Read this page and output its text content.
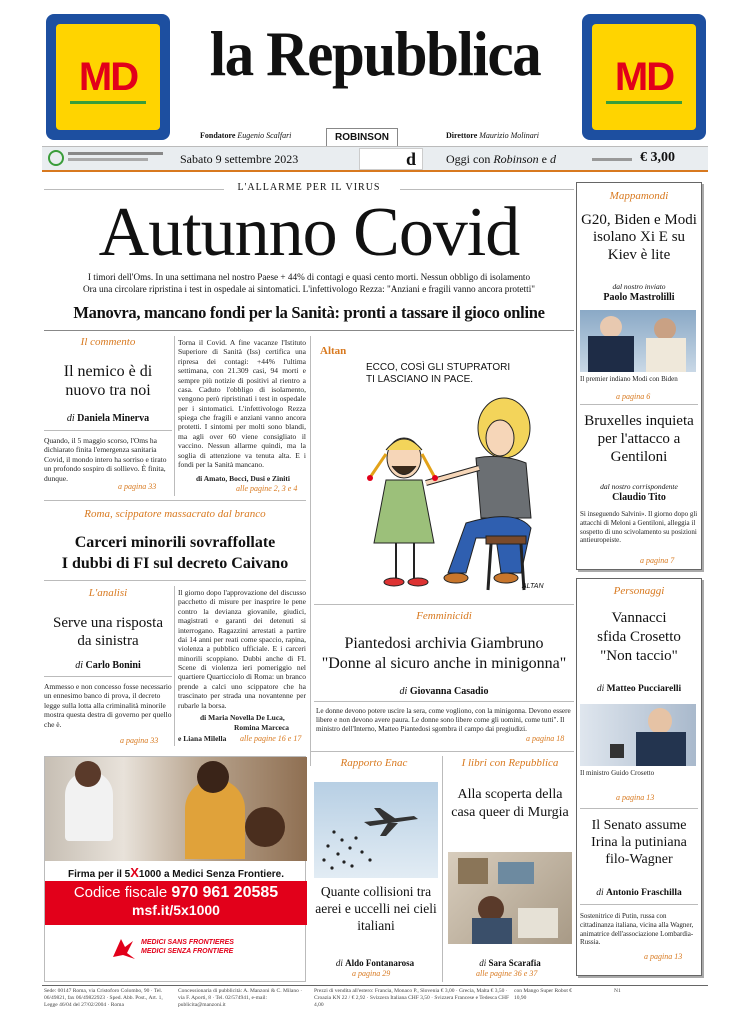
MD	MD
la Repubblica
Fondatore Eugenio Scalfari	Direttore Maurizio Molinari
ROBINSON
Sabato 9 settembre 2023	d	Oggi con Robinson e d	€ 3,00
L'ALLARME PER IL VIRUS
Autunno Covid
I timori dell'Oms. In una settimana nel nostro Paese + 44% di contagi e quasi cento morti. Nessun obbligo di isolamento
Ora una circolare ripristina i test in ospedale ai sintomatici. L'infettivologo Rezza: "Anziani e fragili vanno ancora protetti"
Manovra, mancano fondi per la Sanità: pronti a tassare il gioco online
Il commento
Il nemico è di nuovo tra noi
di Daniela Minerva
Quando, il 5 maggio scorso, l'Oms ha dichiarato finita l'emergenza sanitaria Covid, il mondo intero ha sorriso e tirato un profondo sospiro di sollievo. È finita, dunque.
a pagina 33
Torna il Covid. A fine vacanze l'Istituto Superiore di Sanità (Iss) certifica una ripresa dei contagi: +44% l'ultima settimana, con 21.309 casi, 94 morti e sempre più notizie di positivi al rientro a casa. Caduto l'obbligo di isolamento, vengono però ripristinati i test in ospedale per i sintomatici. L'infettivologo Rezza spiega che fragili e anziani vanno ancora protetti. I sintomi per molti sono blandi, ma agli over 60 viene consigliato il vaccino. Nessun allarme quindi, ma la soglia di attenzione va tenuta alta. E i fondi per la Sanità mancano.
di Amato, Bocci, Dusi e Ziniti
alle pagine 2, 3 e 4
Altan
ECCO, COSÌ GLI STUPRATORI
TI LASCIANO IN PACE.
ALTAN
Roma, scippatore massacrato dal branco
Carceri minorili sovraffollate
I dubbi di FI sul decreto Caivano
L'analisi
Serve una risposta da sinistra
di Carlo Bonini
Ammesso e non concesso fosse necessario un ennesimo banco di prova, il decreto legge sulla lotta alla criminalità minorile mostra questa destra di governo per quello che è.
a pagina 33
Il giorno dopo l'approvazione del discusso pacchetto di misure per inasprire le pene contro la devianza giovanile, giudici, magistrati e garanti dei detenuti si interrogano. Ragazzini arrestati a partire dai 14 anni per reati come spaccio, rapina, violenza a pubblico ufficiale. E i carceri minorili scoppiano. Dubbi anche di FI. Scene di violenza ieri pomeriggio nel quartiere Quarticciolo di Roma: un branco prende a calci uno scippatore che ha trascinato per strada una novantenne per rubarle la borsa.
di Maria Novella De Luca,
Romina Marceca
e Liana Milella alle pagine 16 e 17
Femminicidi
Piantedosi archivia Giambruno
"Donne al sicuro anche in minigonna"
di Giovanna Casadio
Le donne devono potere uscire la sera, come vogliono, con la minigonna. Devono essere libere e non devono avere paura. Le donne sono libere come gli uomini, come tutti". Il ministro dell'Interno, Matteo Piantedosi sgombra il campo dai pregiudizi.
a pagina 18
Firma per il 5X1000 a Medici Senza Frontiere.
Codice fiscale 970 961 20585
msf.it/5x1000
MEDICI SANS FRONTIERES
MEDICI SENZA FRONTIERE
Rapporto Enac
Quante collisioni tra aerei e uccelli nei cieli italiani
di Aldo Fontanarosa
a pagina 29
I libri con Repubblica
Alla scoperta della casa queer di Murgia
di Sara Scarafia
alle pagine 36 e 37
Mappamondi
G20, Biden e Modi isolano Xi E su Kiev è lite
dal nostro inviato
Paolo Mastrolilli
Il premier indiano Modi con Biden
a pagina 6
Bruxelles inquieta per l'attacco a Gentiloni
dal nostro corrispondente
Claudio Tito
Si inseguendo Salvini». Il giorno dopo gli attacchi di Meloni a Gentiloni, alleggia il sospetto di uno scivolamento su posizioni antieuropeiste.
a pagina 7
Personaggi
Vannacci
sfida Crosetto
"Non taccio"
di Matteo Pucciarelli
Il ministro Guido Crosetto
a pagina 13
Il Senato assume Irina la putiniana filo-Wagner
di Antonio Fraschilla
Sostenitrice di Putin, russa con cittadinanza italiana, vicina alla Wagner, animatrice dell'associazione Lombardia-Russia.
a pagina 13
Sede: 00147 Roma, via Cristoforo Colombo, 90 · Tel. 06/49821, fax 06/49822923 · Sped. Abb. Post., Art. 1, Legge 46/04 del 27/02/2004 · Roma
Concessionaria di pubblicità: A. Manzoni & C. Milano · via F. Aporti, 8 · Tel. 02/574941, e-mail: publicita@manzoni.it
Prezzi di vendita all'estero: Francia, Monaco P., Slovenia € 3,00 · Grecia, Malta € 3,50 · Croazia KN 22 / € 2,92 · Svizzera Italiana CHF 3,50 · Svizzera Francese e Tedesca CHF 4,00
con Mango Super Robot € 10,90
N1
